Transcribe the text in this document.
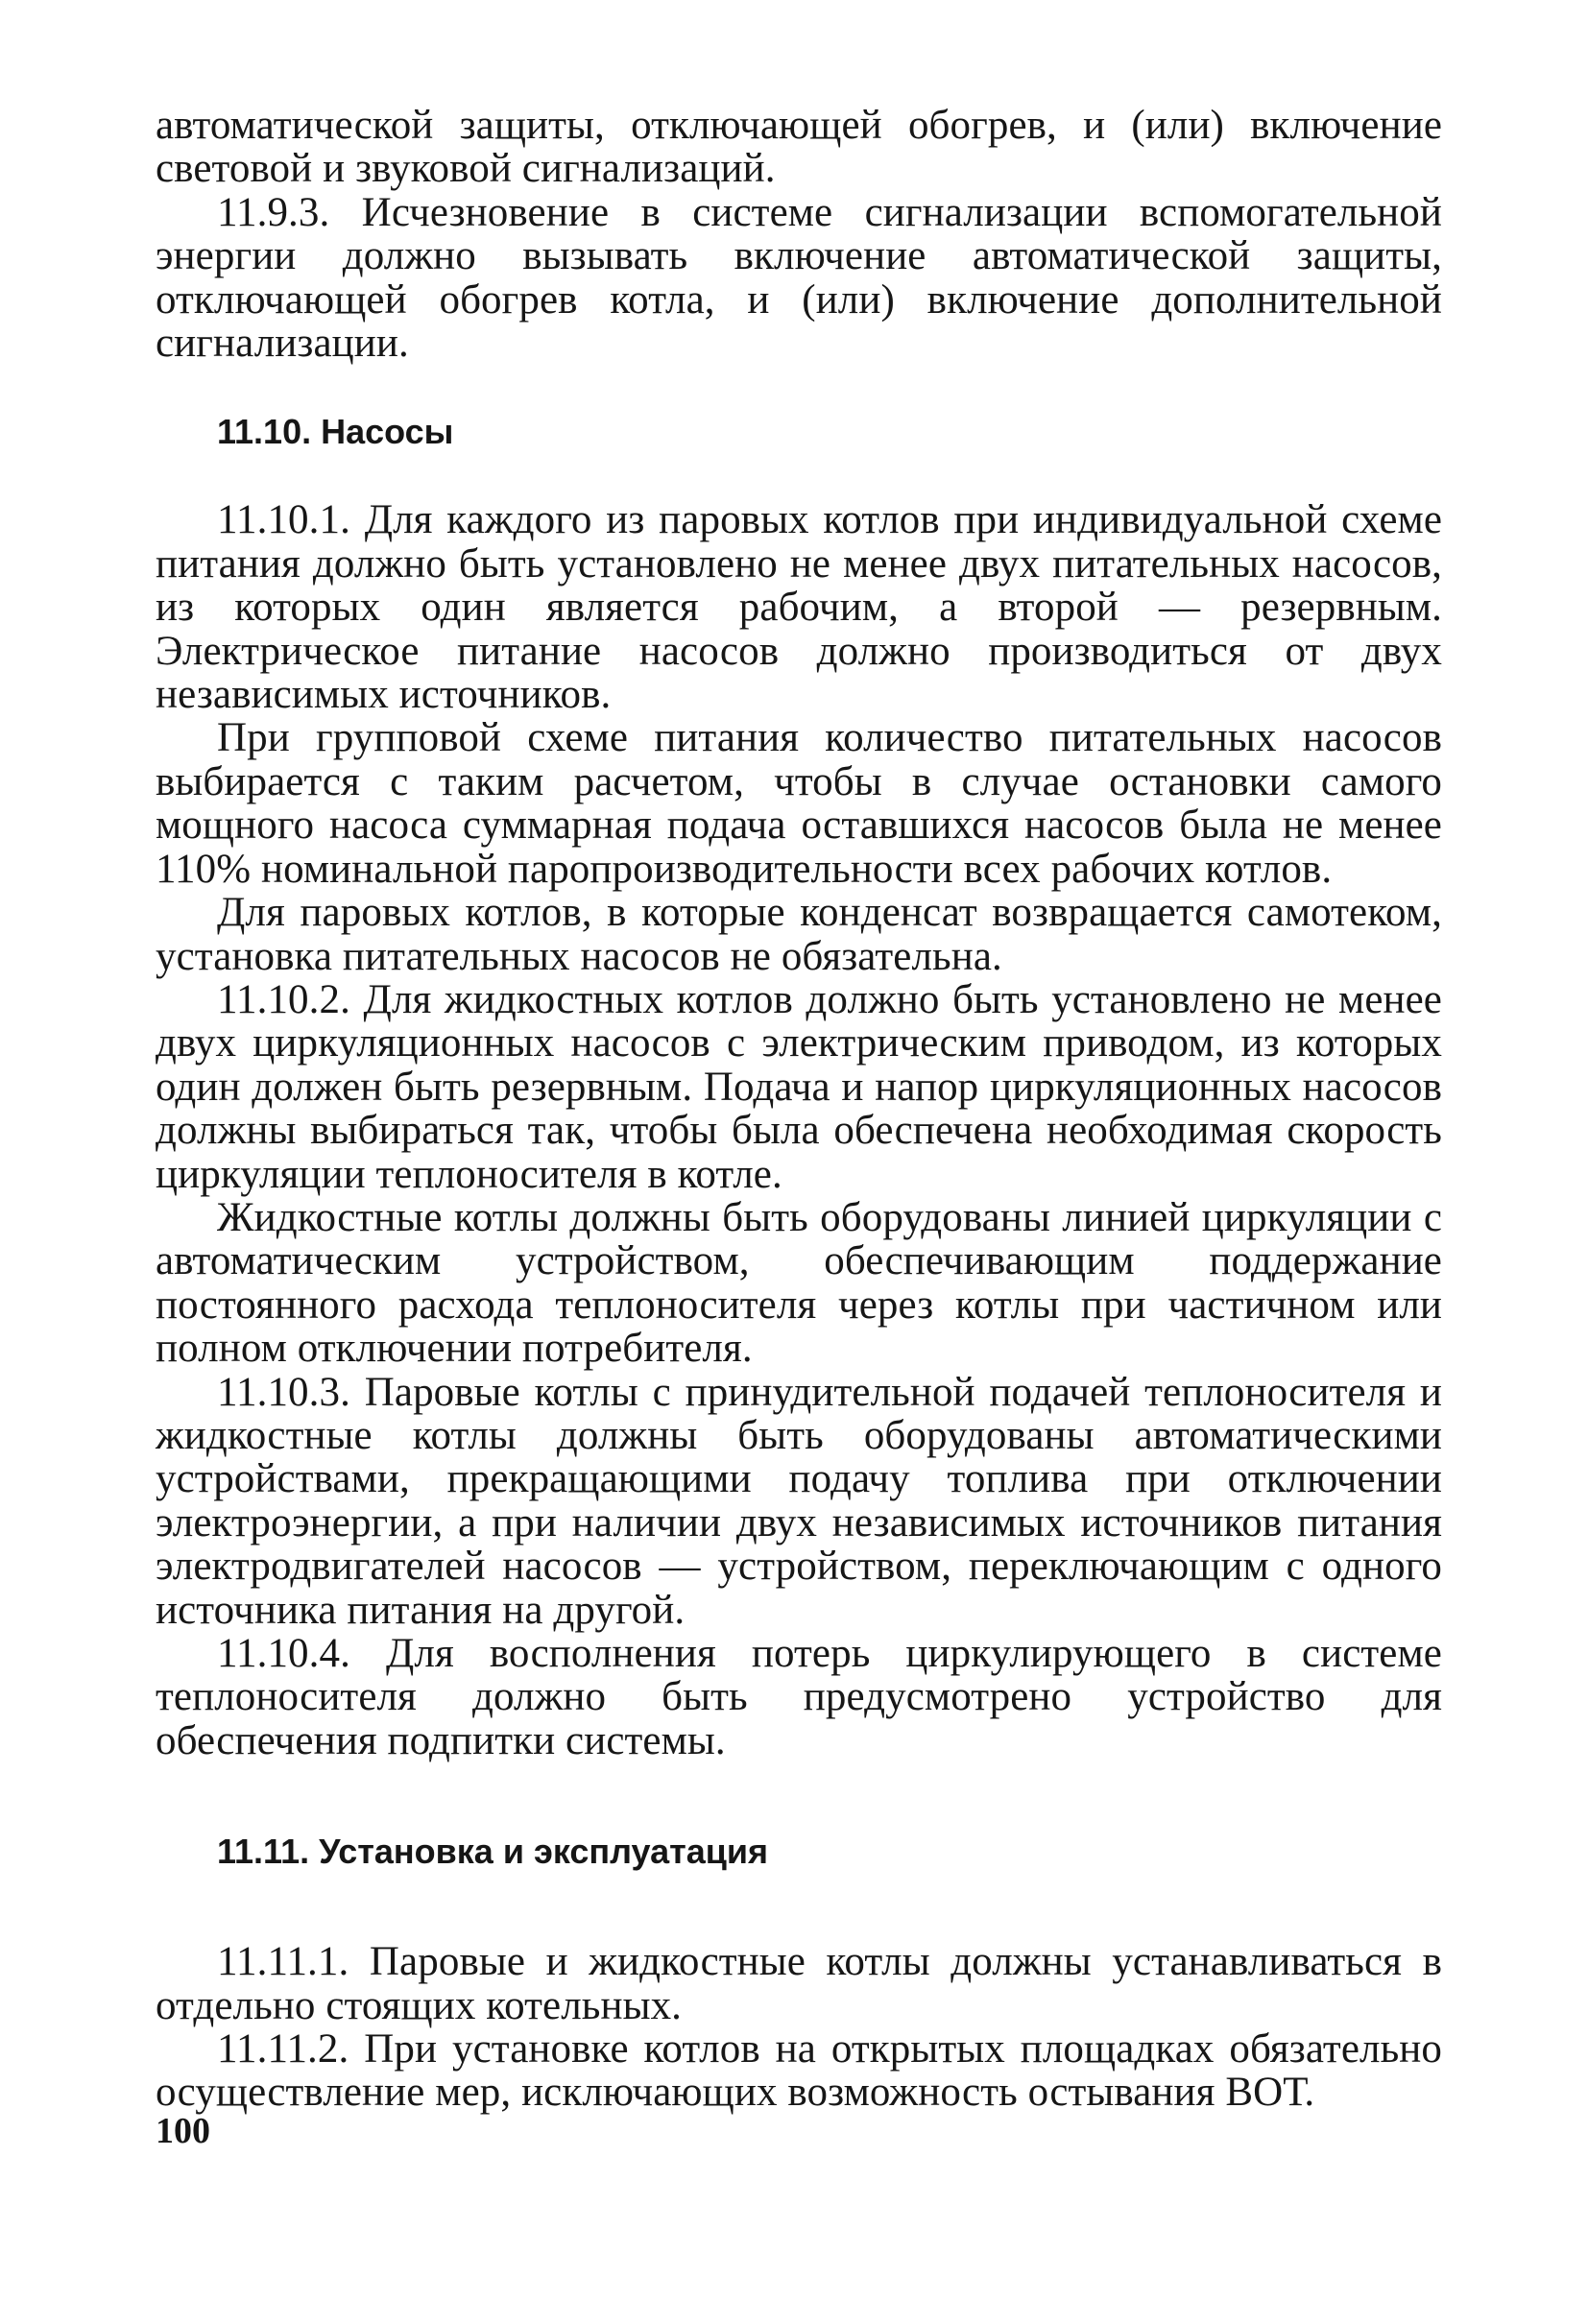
автоматической защиты, отключающей обогрев, и (или) включение световой и звуковой сигнализаций.

11.9.3. Исчезновение в системе сигнализации вспомогательной энергии должно вызывать включение автоматической защиты, отключающей обогрев котла, и (или) включение дополнительной сигнализации.

11.10. Насосы

11.10.1. Для каждого из паровых котлов при индивидуальной схеме питания должно быть установлено не менее двух питательных насосов, из которых один является рабочим, а второй — резервным. Электрическое питание насосов должно производиться от двух независимых источников.

При групповой схеме питания количество питательных насосов выбирается с таким расчетом, чтобы в случае остановки самого мощного насоса суммарная подача оставшихся насосов была не менее 110% номинальной паропроизводительности всех рабочих котлов.

Для паровых котлов, в которые конденсат возвращается самотеком, установка питательных насосов не обязательна.

11.10.2. Для жидкостных котлов должно быть установлено не менее двух циркуляционных насосов с электрическим приводом, из которых один должен быть резервным. Подача и напор циркуляционных насосов должны выбираться так, чтобы была обеспечена необходимая скорость циркуляции теплоносителя в котле.

Жидкостные котлы должны быть оборудованы линией циркуляции с автоматическим устройством, обеспечивающим поддержание постоянного расхода теплоносителя через котлы при частичном или полном отключении потребителя.

11.10.3. Паровые котлы с принудительной подачей теплоносителя и жидкостные котлы должны быть оборудованы автоматическими устройствами, прекращающими подачу топлива при отключении электроэнергии, а при наличии двух независимых источников питания электродвигателей насосов — устройством, переключающим с одного источника питания на другой.

11.10.4. Для восполнения потерь циркулирующего в системе теплоносителя должно быть предусмотрено устройство для обеспечения подпитки системы.

11.11. Установка и эксплуатация

11.11.1. Паровые и жидкостные котлы должны устанавливаться в отдельно стоящих котельных.

11.11.2. При установке котлов на открытых площадках обязательно осуществление мер, исключающих возможность остывания ВОТ.

100
